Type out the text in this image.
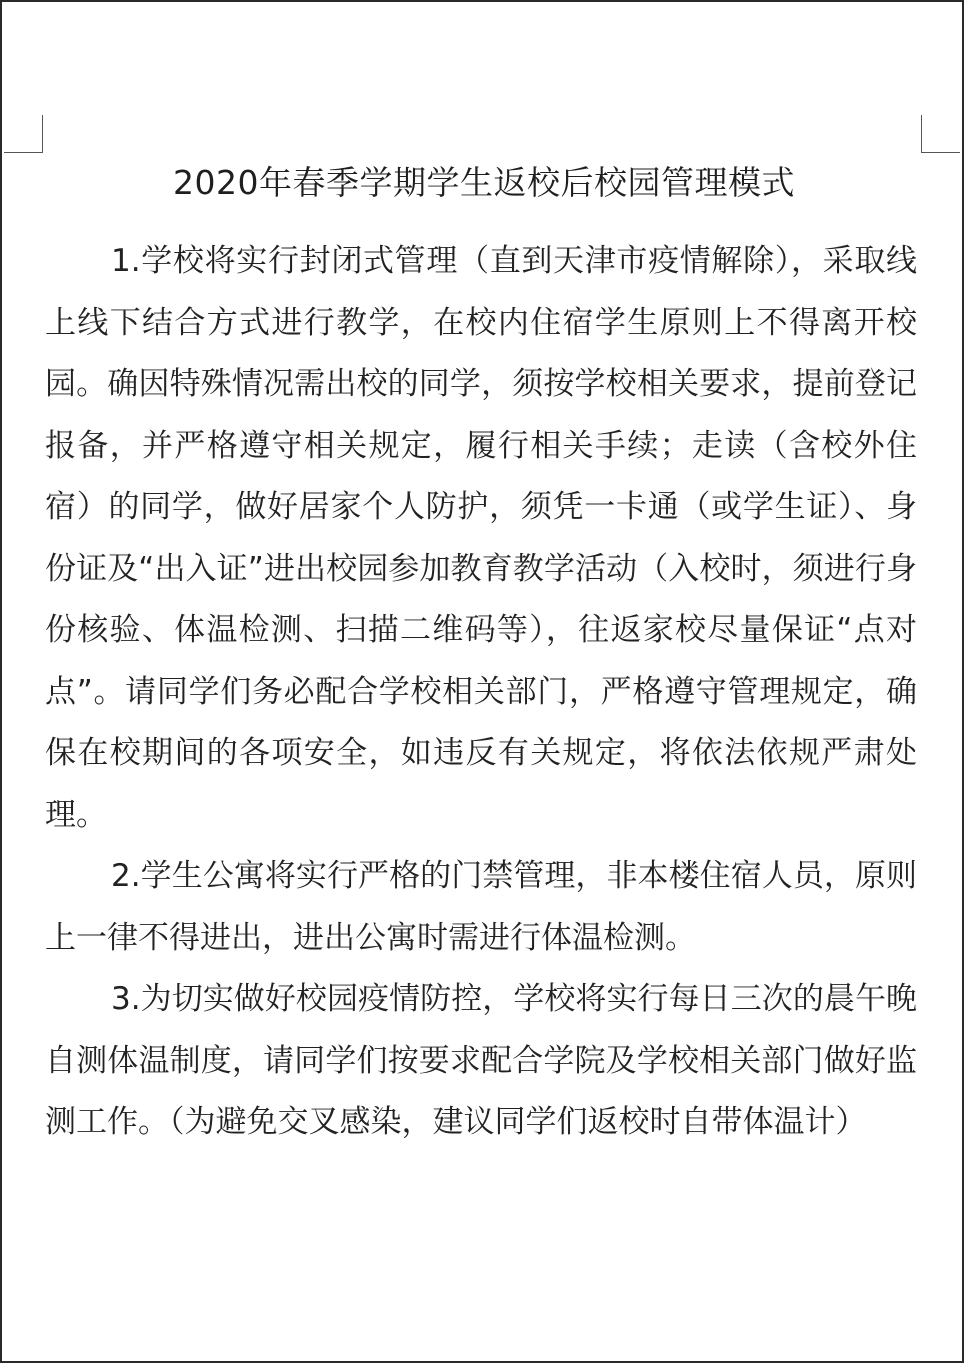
2020年春季学期学生返校后校园管理模式

1.学校将实行封闭式管理（直到天津市疫情解除），采取线上线下结合方式进行教学，在校内住宿学生原则上不得离开校园。确因特殊情况需出校的同学，须按学校相关要求，提前登记报备，并严格遵守相关规定，履行相关手续；走读（含校外住宿）的同学，做好居家个人防护，须凭一卡通（或学生证）、身份证及“出入证”进出校园参加教育教学活动（入校时，须进行身份核验、体温检测、扫描二维码等），往返家校尽量保证“点对点”。请同学们务必配合学校相关部门，严格遵守管理规定，确保在校期间的各项安全，如违反有关规定，将依法依规严肃处理。

2.学生公寓将实行严格的门禁管理，非本楼住宿人员，原则上一律不得进出，进出公寓时需进行体温检测。

3.为切实做好校园疫情防控，学校将实行每日三次的晨午晚自测体温制度，请同学们按要求配合学院及学校相关部门做好监测工作。（为避免交叉感染，建议同学们返校时自带体温计）
